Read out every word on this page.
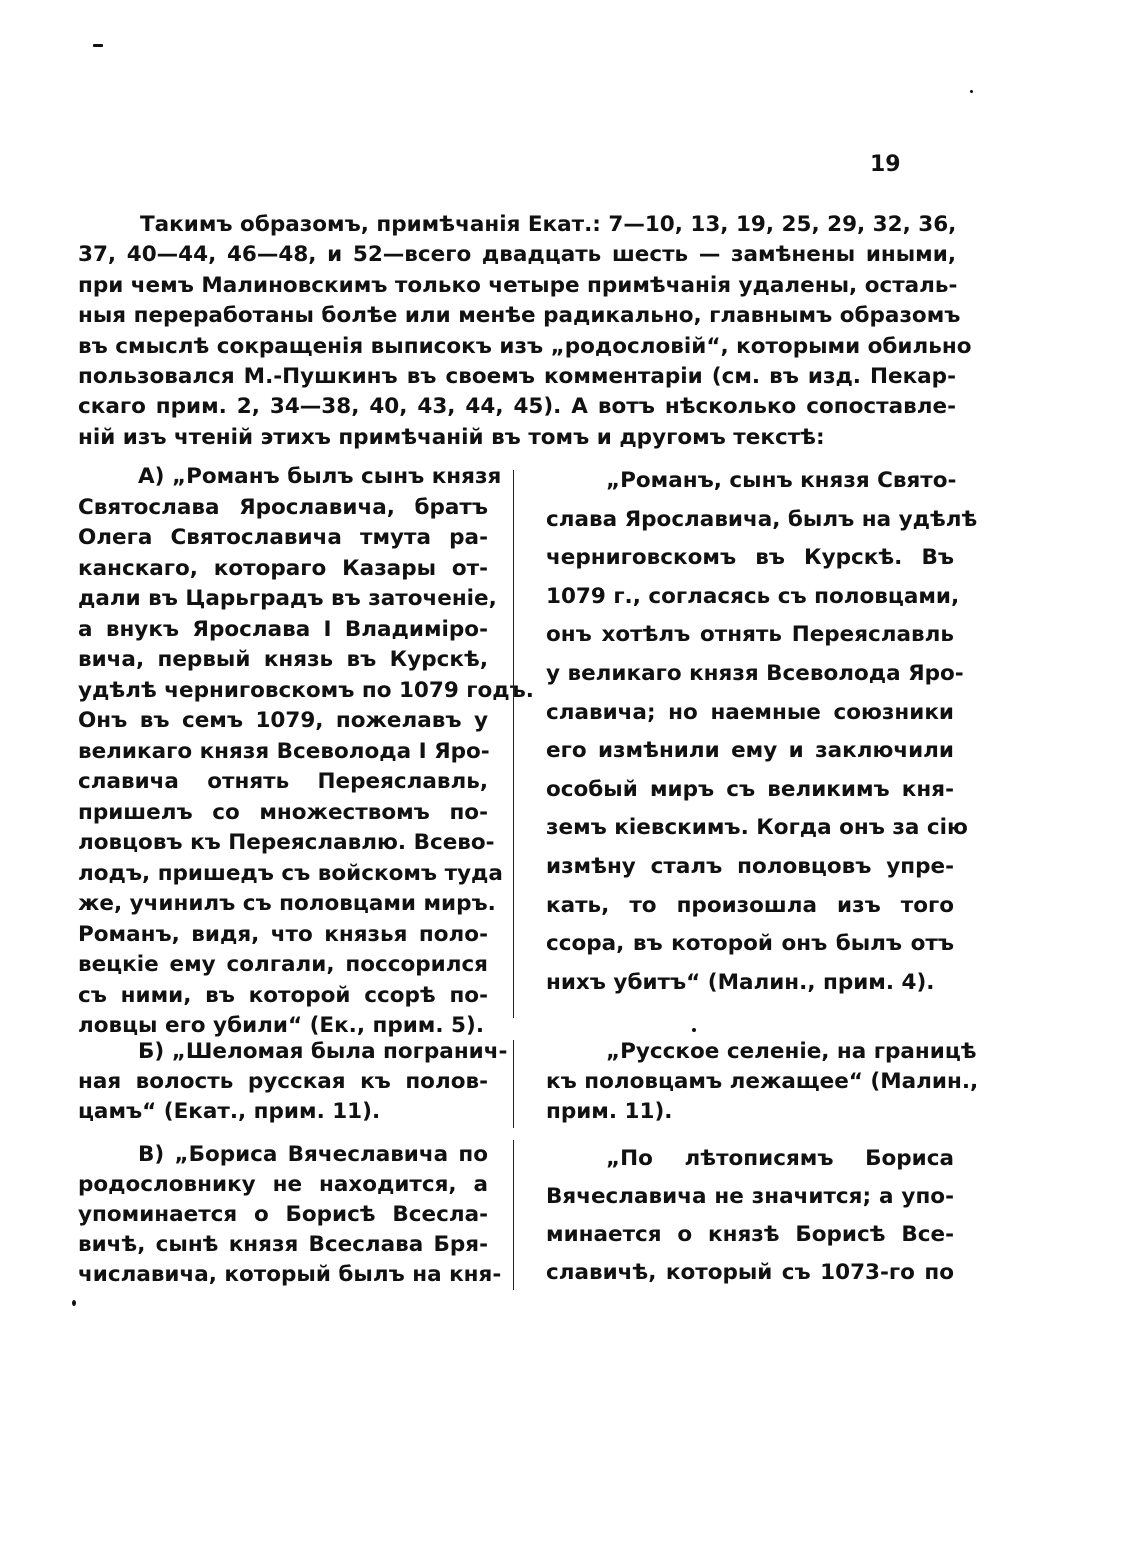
19
Такимъ образомъ, примѣчанія Екат.: 7—10, 13, 19, 25, 29, 32, 36,
37, 40—44, 46—48, и 52—всего двадцать шесть — замѣнены иными,
при чемъ Малиновскимъ только четыре примѣчанія удалены, осталь-
ныя переработаны болѣе или менѣе радикально, главнымъ образомъ
въ смыслѣ сокращенія выписокъ изъ „родословій“, которыми обильно
пользовался М.-Пушкинъ въ своемъ комментаріи (см. въ изд. Пекар-
скаго прим. 2, 34—38, 40, 43, 44, 45). А вотъ нѣсколько сопоставле-
ній изъ чтеній этихъ примѣчаній въ томъ и другомъ текстѣ:
А) „Романъ былъ сынъ князя
Святослава Ярославича, братъ
Олега Святославича тмута ра-
канскаго, котораго Казары от-
дали въ Царьградъ въ заточеніе,
а внукъ Ярослава I Владиміро-
вича, первый князь въ Курскѣ,
удѣлѣ черниговскомъ по 1079 годъ.
Онъ въ семъ 1079, пожелавъ у
великаго князя Всеволода I Яро-
славича отнять Переяславль,
пришелъ со множествомъ по-
ловцовъ къ Переяславлю. Всево-
лодъ, пришедъ съ войскомъ туда
же, учинилъ съ половцами миръ.
Романъ, видя, что князья поло-
вецкіе ему солгали, поссорился
съ ними, въ которой ссорѣ по-
ловцы его убили“ (Ек., прим. 5).
„Романъ, сынъ князя Свято-
слава Ярославича, былъ на удѣлѣ
черниговскомъ въ Курскѣ. Въ
1079 г., согласясь съ половцами,
онъ хотѣлъ отнять Переяславль
у великаго князя Всеволода Яро-
славича; но наемные союзники
его измѣнили ему и заключили
особый миръ съ великимъ кня-
земъ кіевскимъ. Когда онъ за сію
измѣну сталъ половцовъ упре-
кать, то произошла изъ того
ссора, въ которой онъ былъ отъ
нихъ убитъ“ (Малин., прим. 4).
Б) „Шеломая была погранич-
ная волость русская къ полов-
цамъ“ (Екат., прим. 11).
„Русское селеніе, на границѣ
къ половцамъ лежащее“ (Малин.,
прим. 11).
В) „Бориса Вячеславича по
родословнику не находится, а
упоминается о Борисѣ Всесла-
вичѣ, сынѣ князя Всеслава Бря-
числавича, который былъ на кня-
„По лѣтописямъ Бориса
Вячеславича не значится; а упо-
минается о князѣ Борисѣ Все-
славичѣ, который съ 1073-го по
